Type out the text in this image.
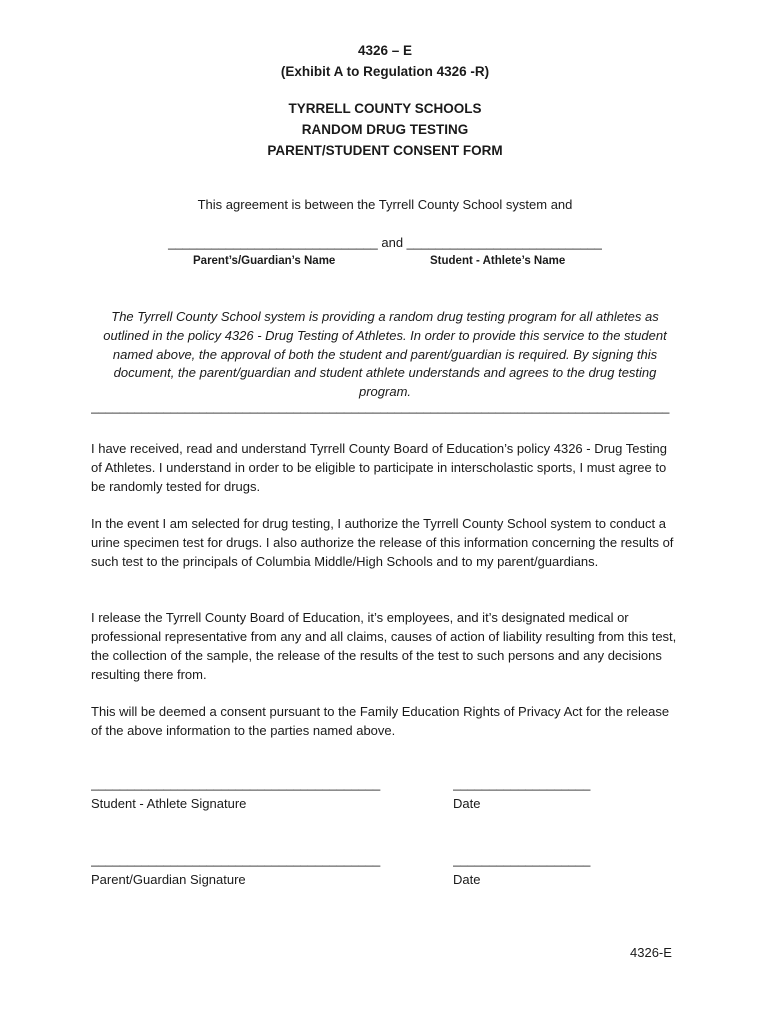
4326 – E
(Exhibit A to Regulation 4326 -R)
TYRRELL COUNTY SCHOOLS
RANDOM DRUG TESTING
PARENT/STUDENT CONSENT FORM
This agreement is between the Tyrrell County School system and
_____________________________ and ___________________________
Parent’s/Guardian’s Name	Student - Athlete’s Name
The Tyrrell County School system is providing a random drug testing program for all athletes as outlined in the policy 4326 - Drug Testing of Athletes. In order to provide this service to the student named above, the approval of both the student and parent/guardian is required. By signing this document, the parent/guardian and student athlete understands and agrees to the drug testing program.
________________________________________________________________________________
I have received, read and understand Tyrrell County Board of Education’s policy 4326 - Drug Testing of Athletes. I understand in order to be eligible to participate in interscholastic sports, I must agree to be randomly tested for drugs.
In the event I am selected for drug testing, I authorize the Tyrrell County School system to conduct a urine specimen test for drugs. I also authorize the release of this information concerning the results of such test to the principals of Columbia Middle/High Schools and to my parent/guardians.
I release the Tyrrell County Board of Education, it’s employees, and it’s designated medical or professional representative from any and all claims, causes of action of liability resulting from this test, the collection of the sample, the release of the results of the test to such persons and any decisions resulting there from.
This will be deemed a consent pursuant to the Family Education Rights of Privacy Act for the release of the above information to the parties named above.
________________________________________
Student - Athlete Signature
___________________
Date
________________________________________
Parent/Guardian Signature
___________________
Date
4326-E
